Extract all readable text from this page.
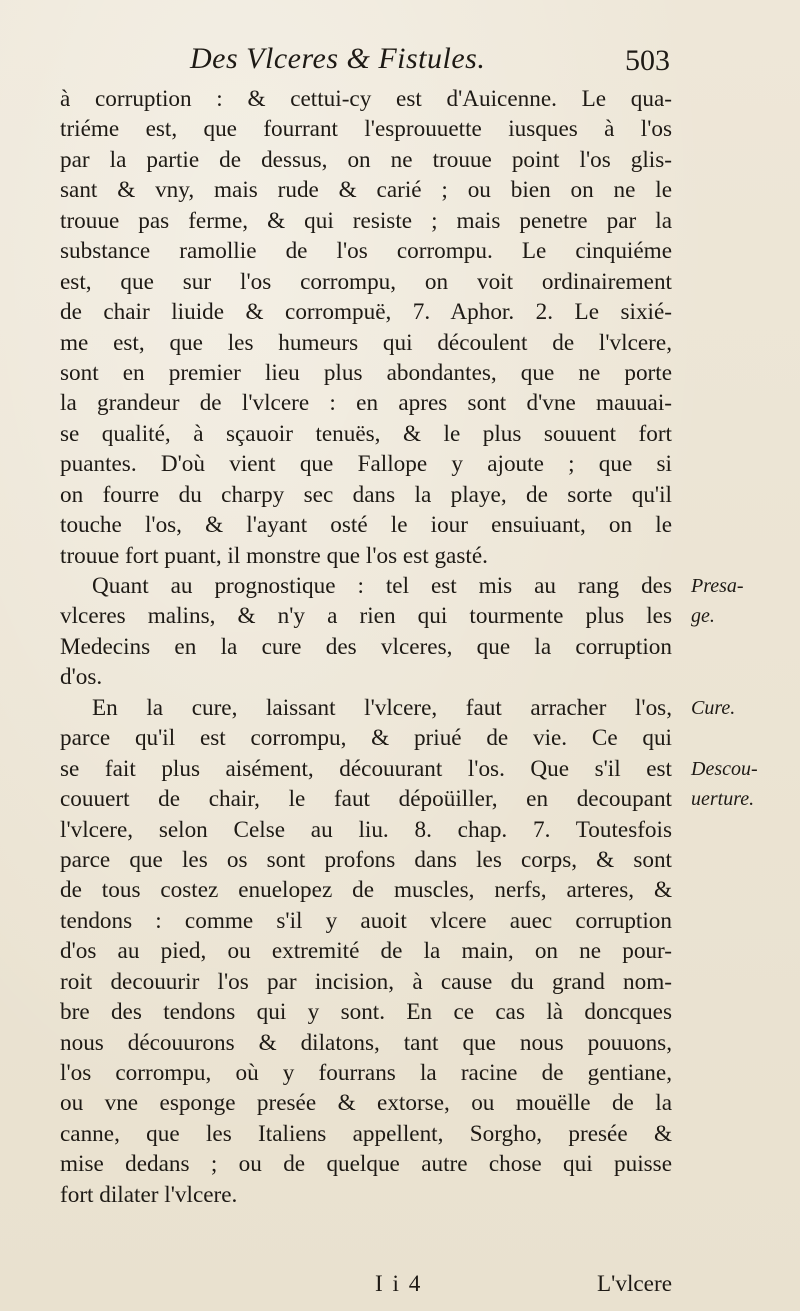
Des Vlceres & Fistules.	503
à corruption : & cettui-cy est d'Auicenne. Le qua-
triéme est, que fourrant l'esprouuette iusques à l'os
par la partie de dessus, on ne trouue point l'os glis-
sant & vny, mais rude & carié ; ou bien on ne le
trouue pas ferme, & qui resiste ; mais penetre par la
substance ramollie de l'os corrompu. Le cinquiéme
est, que sur l'os corrompu, on voit ordinairement
de chair liuide & corrompuë, 7. Aphor. 2. Le sixié-
me est, que les humeurs qui découlent de l'vlcere,
sont en premier lieu plus abondantes, que ne porte
la grandeur de l'vlcere : en apres sont d'vne mauuai-
se qualité, à sçauoir tenuës, & le plus souuent fort
puantes. D'où vient que Fallope y ajoute ; que si
on fourre du charpy sec dans la playe, de sorte qu'il
touche l'os, & l'ayant osté le iour ensuiuant, on le
trouue fort puant, il monstre que l'os est gasté.
Quant au prognostique : tel est mis au rang des
vlceres malins, & n'y a rien qui tourmente plus les
Medecins en la cure des vlceres, que la corruption
d'os.
En la cure, laissant l'vlcere, faut arracher l'os,
parce qu'il est corrompu, & priué de vie. Ce qui
se fait plus aisément, découurant l'os. Que s'il est
couuert de chair, le faut dépoüiller, en decoupant
l'vlcere, selon Celse au liu. 8. chap. 7. Toutesfois
parce que les os sont profons dans les corps, & sont
de tous costez enuelopez de muscles, nerfs, arteres, &
tendons : comme s'il y auoit vlcere auec corruption
d'os au pied, ou extremité de la main, on ne pour-
roit decouurir l'os par incision, à cause du grand nom-
bre des tendons qui y sont. En ce cas là doncques
nous découurons & dilatons, tant que nous pouuons,
l'os corrompu, où y fourrans la racine de gentiane,
ou vne esponge presée & extorse, ou mouëlle de la
canne, que les Italiens appellent, Sorgho, presée &
mise dedans ; ou de quelque autre chose qui puisse
fort dilater l'vlcere.
Presa-
ge.
Cure.
Descou-
uerture.
I i 4	L'vlcere
